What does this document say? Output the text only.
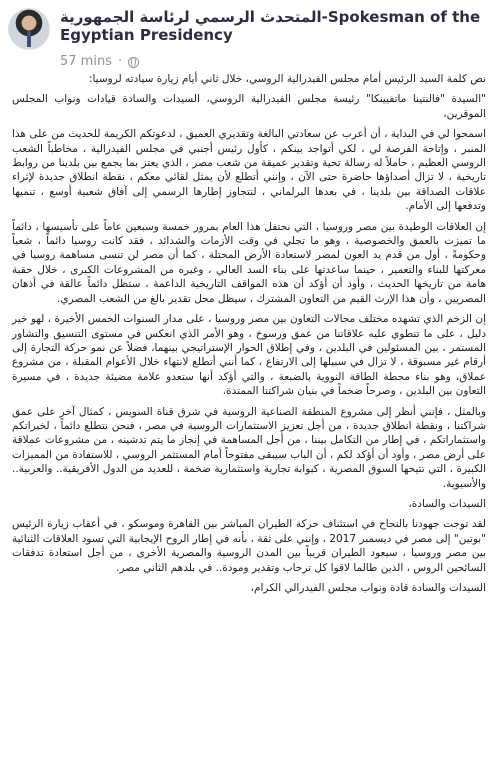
المتحدث الرسمي لرئاسة الجمهورية-Spokesman of the Egyptian Presidency
57 mins ·

نص كلمة السيد الرئيس أمام مجلس الفيدرالية الروسي، خلال ثاني أيام زيارة سيادته لروسيا:

"السيدة "فالنتينا ماتفيينكا" رئيسة مجلس الفيدرالية الروسي، السيدات والسادة قيادات ونواب المجلس الموقرين،

اسمحوا لي في البداية ، أن أعرب عن سعادتي البالغة وتقديري العميق ، لدعوتكم الكريمة للحديث من على هذا المنبر ، وإتاحة الفرصة لي ، لكي أتواجد بينكم ، كأول رئيس أجنبي في مجلس الفيدرالية ، مخاطباً الشعب الروسي العظيم ، حاملاً له رسالة تحية وتقدير عميقة من شعب مصر ، الذي يعتز بما يجمع بين بلدينا من روابط تاريخية ، لا تزال أصداؤها حاضرة حتى الآن ، وإنني أتطلع لأن يمثل لقائي معكم ، نقطة انطلاق جديدة لإثراء علاقات الصداقة بين بلدينا ، في بعدها البرلماني ، لتتجاوز إطارها الرسمي إلى آفاق شعبية أوسع ، تنميها وتدفعها إلى الأمام.

إن العلاقات الوطيدة بين مصر وروسيا ، التي نحتفل هذا العام بمرور خمسة وسبعين عاماً على تأسيسها ، دائماً ما تميزت بالعمق والخصوصية ، وهو ما تجلي في وقت الأزمات والشدائد ، فقد كانت روسيا دائماً ، شعباً وحكومةً ، أول من قدم يد العون لمصر لاستعادة الأرض المحتلة ، كما أن مصر لن تنسى مساهمة روسيا في معركتها للبناء والتعمير ، حينما ساعدتها على بناء السد العالي ، وغيره من المشروعات الكبرى ، خلال حقبة هامة من تاريخها الحديث ، وأود أن أؤكد أن هذه المواقف التاريخية الداعمة ، ستظل دائماً عالقة في أذهان المصريين ، وأن هذا الإرث القيم من التعاون المشترك ، سيظل محل تقدير بالغ من الشعب المصري.

إن الزخم الذي تشهده مختلف مجالات التعاون بين مصر وروسيا ، على مدار السنوات الخمس الأخيرة ، لهو خير دليل ، على ما تنطوي عليه علاقاتنا من عمق ورسوخ ، وهو الأمر الذي انعكس في مستوى التنسيق والتشاور المستمر ، بين المسئولين في البلدين ، وفي إطلاق الحوار الإستراتيجي بينهما، فضلاً عن نمو حركة التجارة إلى أرقام غير مسبوقة ، لا تزال في سبيلها إلى الارتفاع ، كما أنني أتطلع لانتهاء خلال الأعوام المقبلة ، من مشروع عملاق، وهو بناء محطة الطاقة النووية بالضبعة ، والتي أؤكد أنها ستعدو علامة مضيئة جديدة ، في مسيرة التعاون بين البلدين ، وصرحاً ضخماً في بنيان شراكتنا الممتدة.

وبالمثل ، فإنني أنظر إلى مشروع المنطقة الصناعية الروسية في شرق قناة السويس ، كمثال آخر على عمق شراكتنا ، ونقطة انطلاق جديدة ، من أجل تعزيز الاستثمارات الروسية في مصر ، فنحن نتطلع دائماً ، لخبراتكم واستثماراتكم ، في إطار من التكامل بيننا ، من أجل المساهمة في إنجاز ما يتم تدشينه ، من مشروعات عملاقة على أرض مصر ، وأود أن أؤكد لكم ، أن الباب سيبقى مفتوحاً أمام المستثمر الروسي ، للاستفادة من المميزات الكبيرة ، التي تتيحها السوق المصرية ، كبوابة تجارية واستثمارية ضخمة ، للعديد من الدول الأفريقية.. والعربية.. والأسيوية.

السيدات والسادة،

لقد توجت جهودنا بالنجاح في استئناف حركة الطيران المباشر بين القاهرة وموسكو ، في أعقاب زيارة الرئيس "بوتين" إلى مصر في ديسمبر 2017 ، وإنني على ثقة ، بأنه في إطار الروح الإيجابية التي تسود العلاقات الثنائية بين مصر وروسيا ، سيعود الطيران قريباً بين المدن الروسية والمصرية الأخرى ، من أجل استعادة تدفقات السائحين الروس ، الذين طالما لاقوا كل ترحاب وتقدير ومودة.. في بلدهم الثاني مصر.

السيدات والسادة قادة ونواب مجلس الفيدرالي الكرام،
